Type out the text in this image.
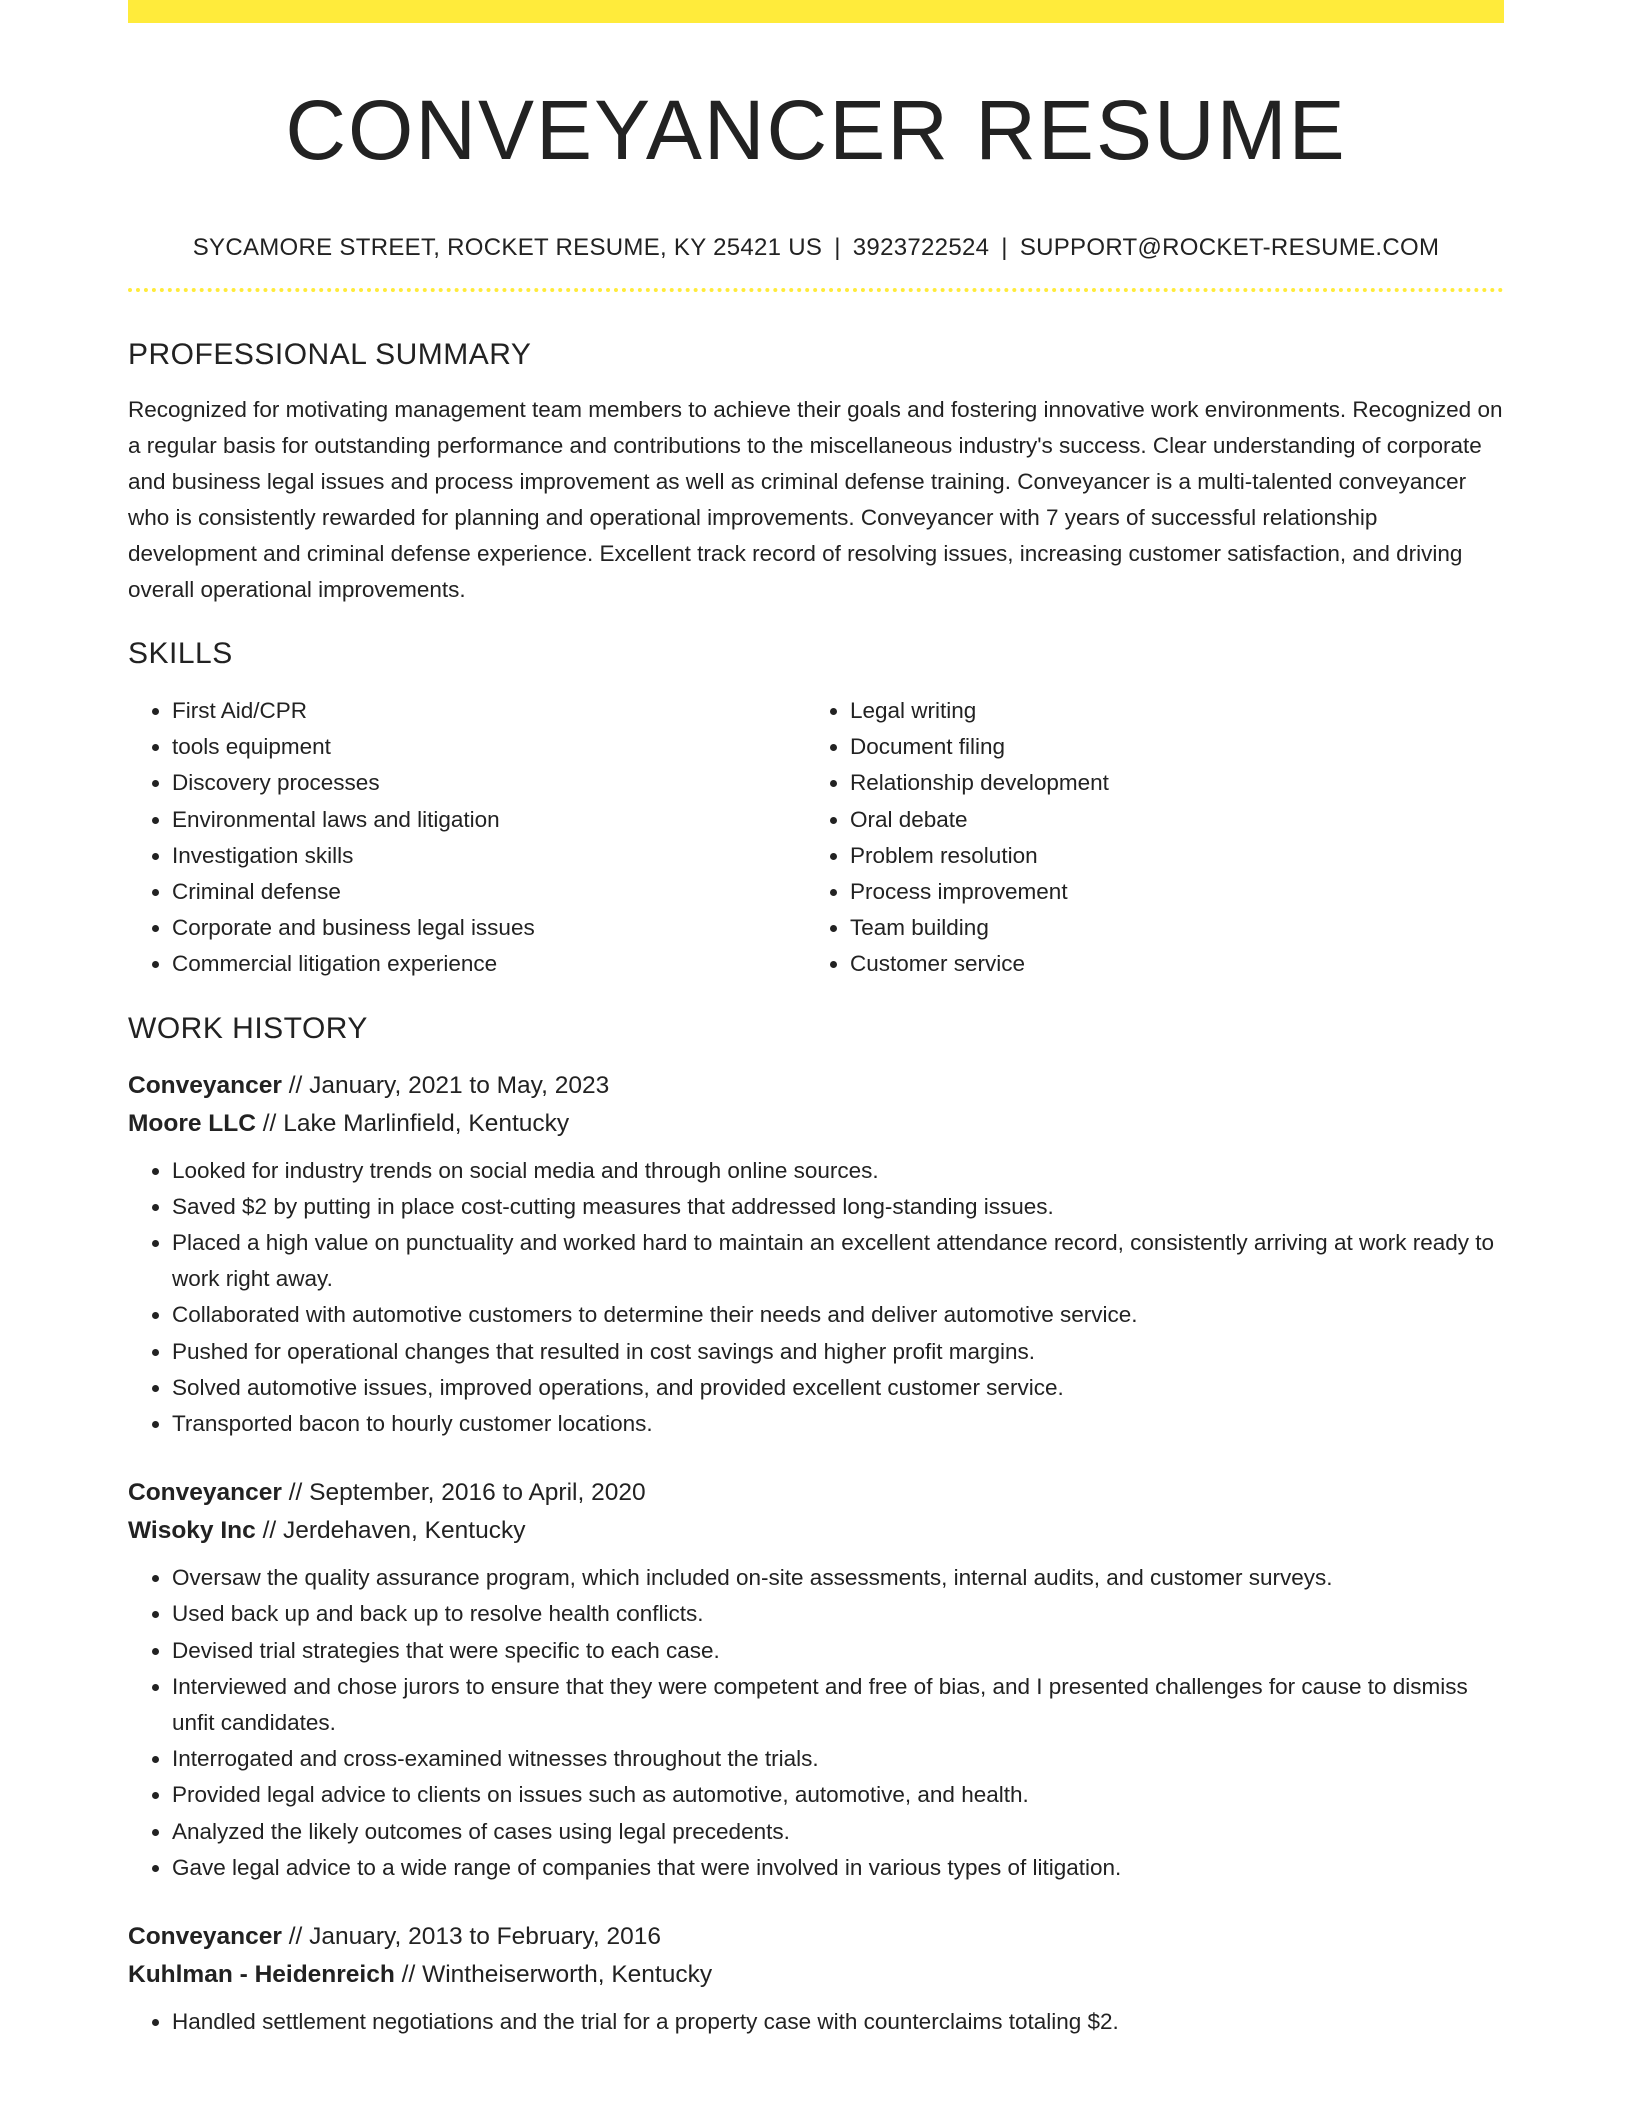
CONVEYANCER RESUME
SYCAMORE STREET, ROCKET RESUME, KY 25421 US | 3923722524 | SUPPORT@ROCKET-RESUME.COM
PROFESSIONAL SUMMARY
Recognized for motivating management team members to achieve their goals and fostering innovative work environments. Recognized on a regular basis for outstanding performance and contributions to the miscellaneous industry's success. Clear understanding of corporate and business legal issues and process improvement as well as criminal defense training. Conveyancer is a multi-talented conveyancer who is consistently rewarded for planning and operational improvements. Conveyancer with 7 years of successful relationship development and criminal defense experience. Excellent track record of resolving issues, increasing customer satisfaction, and driving overall operational improvements.
SKILLS
• First Aid/CPR
• tools equipment
• Discovery processes
• Environmental laws and litigation
• Investigation skills
• Criminal defense
• Corporate and business legal issues
• Commercial litigation experience
• Legal writing
• Document filing
• Relationship development
• Oral debate
• Problem resolution
• Process improvement
• Team building
• Customer service
WORK HISTORY
Conveyancer // January, 2021 to May, 2023
Moore LLC // Lake Marlinfield, Kentucky
• Looked for industry trends on social media and through online sources.
• Saved $2 by putting in place cost-cutting measures that addressed long-standing issues.
• Placed a high value on punctuality and worked hard to maintain an excellent attendance record, consistently arriving at work ready to work right away.
• Collaborated with automotive customers to determine their needs and deliver automotive service.
• Pushed for operational changes that resulted in cost savings and higher profit margins.
• Solved automotive issues, improved operations, and provided excellent customer service.
• Transported bacon to hourly customer locations.
Conveyancer // September, 2016 to April, 2020
Wisoky Inc // Jerdehaven, Kentucky
• Oversaw the quality assurance program, which included on-site assessments, internal audits, and customer surveys.
• Used back up and back up to resolve health conflicts.
• Devised trial strategies that were specific to each case.
• Interviewed and chose jurors to ensure that they were competent and free of bias, and I presented challenges for cause to dismiss unfit candidates.
• Interrogated and cross-examined witnesses throughout the trials.
• Provided legal advice to clients on issues such as automotive, automotive, and health.
• Analyzed the likely outcomes of cases using legal precedents.
• Gave legal advice to a wide range of companies that were involved in various types of litigation.
Conveyancer // January, 2013 to February, 2016
Kuhlman - Heidenreich // Wintheiserworth, Kentucky
• Handled settlement negotiations and the trial for a property case with counterclaims totaling $2.
